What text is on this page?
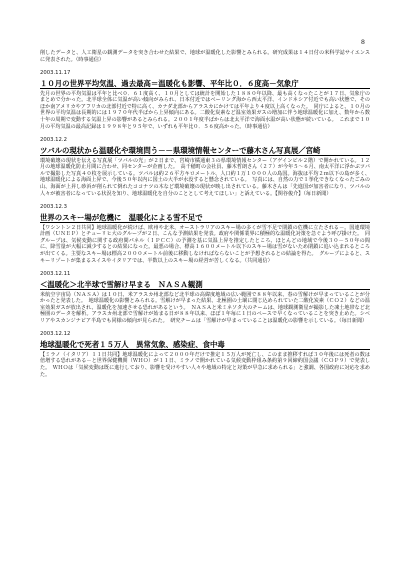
8

削したデータと、人工衛星の観測データを突き合わせた結果で、地球が温暖化した影響とみられる。研究成果は１４日付の米科学誌サイエンスに発表された。（時事通信）

2003.11.17
１０月の世界平均気温、過去最高＝温暖化も影響、平年比０．６度高－気象庁

先月の世界の平均気温は平年と比べ０．６１度高く、１０月としては統計を開始した１８８０年以降、最も高くなったことが１７日、気象庁のまとめで分かった。北半球全体に気温が高い傾向がみられ、日本付近ではベーリング海から西太平洋、インドネシア付近でも高い状態で、そのほか南アメリカやアフリカの北部付近で特に高く、カナダ北部からアラスカにかけては平年より４度以上高くなった。　同庁によると、１０月の世界の平均気温は長期的には１９７０年代半ばから上昇傾向にある。二酸化炭素など温室効果ガスの増加に伴う地球温暖化に加え、数年から数十年の周期で変動する気温上昇の影響があるとみられる。２００１年度半ばからは北太平洋で海面水温が高い状態が続いている。　これまで１０月の平均気温の最高記録は１９９８年と９５年で、いずれも平年比０．５６度高かった。（時事通信）

2003.12.2
ツバルの現状から温暖化や環境問う－－県環境情報センターで藤木さん写真展／宮崎

環境破壊の現状を伝える写真展「ツバルの光」が２日まで、宮崎市橘通東３の県環境情報センター（アゲインビル２階）で開かれている。１２月の地球温暖化防止月間に合わせ、同センターが企画した。　高千穂町の会社員、藤木哲朗さん（２７）が今年５～６月、南太平洋に浮かぶツバルで撮影した写真４０枚を展示している。ツバルは約２６平方キロメートル、人口約１万１０００人の島国。海抜は平均２ｍ以下の島が多く、地球温暖化による海面上昇で、今後５０年以内に国土の大半が水没すると懸念されている。　写真には、自然の力で１挙化できなくなったごみの山、海面が上昇し砂浜が削られて倒れたココナツの木など環境破壊の現状が映し出されている。藤木さんは「先進国が加害者になり、ツバルの人々が被害者になっている状況を知り、地球温暖化を自分のこととして考えてほしい」と訴えている。【関谷俊介】（毎日新聞）

2003.12.3
世界のスキー場が危機に　温暖化による雪不足で

【ワシントン２日共同】地球温暖化が続けば、欧州や北米、オーストラリアのスキー場の多くが雪不足で閉鎖の危機に立たされる－。国連環境計画（ＵＮＥＰ）とチューリヒ大のグループが２日、こんな予測結果を発表。政府や関係業界に積極的な温暖化対策を急ぐよう呼び掛けた。　同グループは、気候変動に関する政府間パネル（ＩＰＣＣ）の予測を基に気温上昇を推定したところ、ほとんどの地域で今後３０－５０年の間に、降雪量が大幅に減少するとの結果になった。最悪の場合、標高１６００メートル以下のスキー場は雪がないため閉鎖に追い込まれるところが出てくる。主要なスキー場は標高２０００メートル前後に移動しなければならないことが予想されるとの結論を得た。　グループによると、スキーリゾートが集まるスイスやイタリアでは、半数以上のスキー場の経営が苦しくなる。（共同通信）

2003.12.11
＜温暖化＞北半球で雪解け早まる　ＮＡＳＡ観測

米航空宇宙局（ＮＡＳＡ）は１０日、米アラスカ州北部など北半球の高緯度地域の広い範囲で８８年以来、春の雪解けが早まっていることが分かったと発表した。　地球温暖化の影響とみられる。雪解けが早まった結果、北極圏の土壌に閉じ込められていた二酸化炭素（ＣＯ２）などの温室効果ガスが放出され、温暖化を加速させる恐れがあるという。　ＮＡＳＡと米ミネソタ大のチームは、地球観測衛星が撮影した凍土地帯など北極圏のデータを解析。アラスカ州北部で雪解けが始まる日が８８年以来、ほぼ１年毎に１日のペースで早くなっていることを突き止めた。シベリアやスカンジナビア半島でも同様の傾向が見られた。　研究チームは「雪解けが早まっていることは温暖化の影響を示している。（毎日新聞）

2003.12.12
地球温暖化で死者１５万人　異常気象、感染症、食中毒

【ミラノ（イタリア）１１日共同】地球温暖化によって２０００年だけで推定１５万人が死亡し、このまま推移すれば３０年後には死者の数は倍増する恐れがある－と世界保健機関（ＷＨＯ）が１１日、ミラノで開かれている気候変動枠組み条約第９回締約国会議（ＣＯＰ９）で発表した。　ＷＨＯは「気候変動は既に進行しており、影響を受けやすい人々や地域の特定と対策が早急に求められる」と強調、各国政府に対応を求めた。
